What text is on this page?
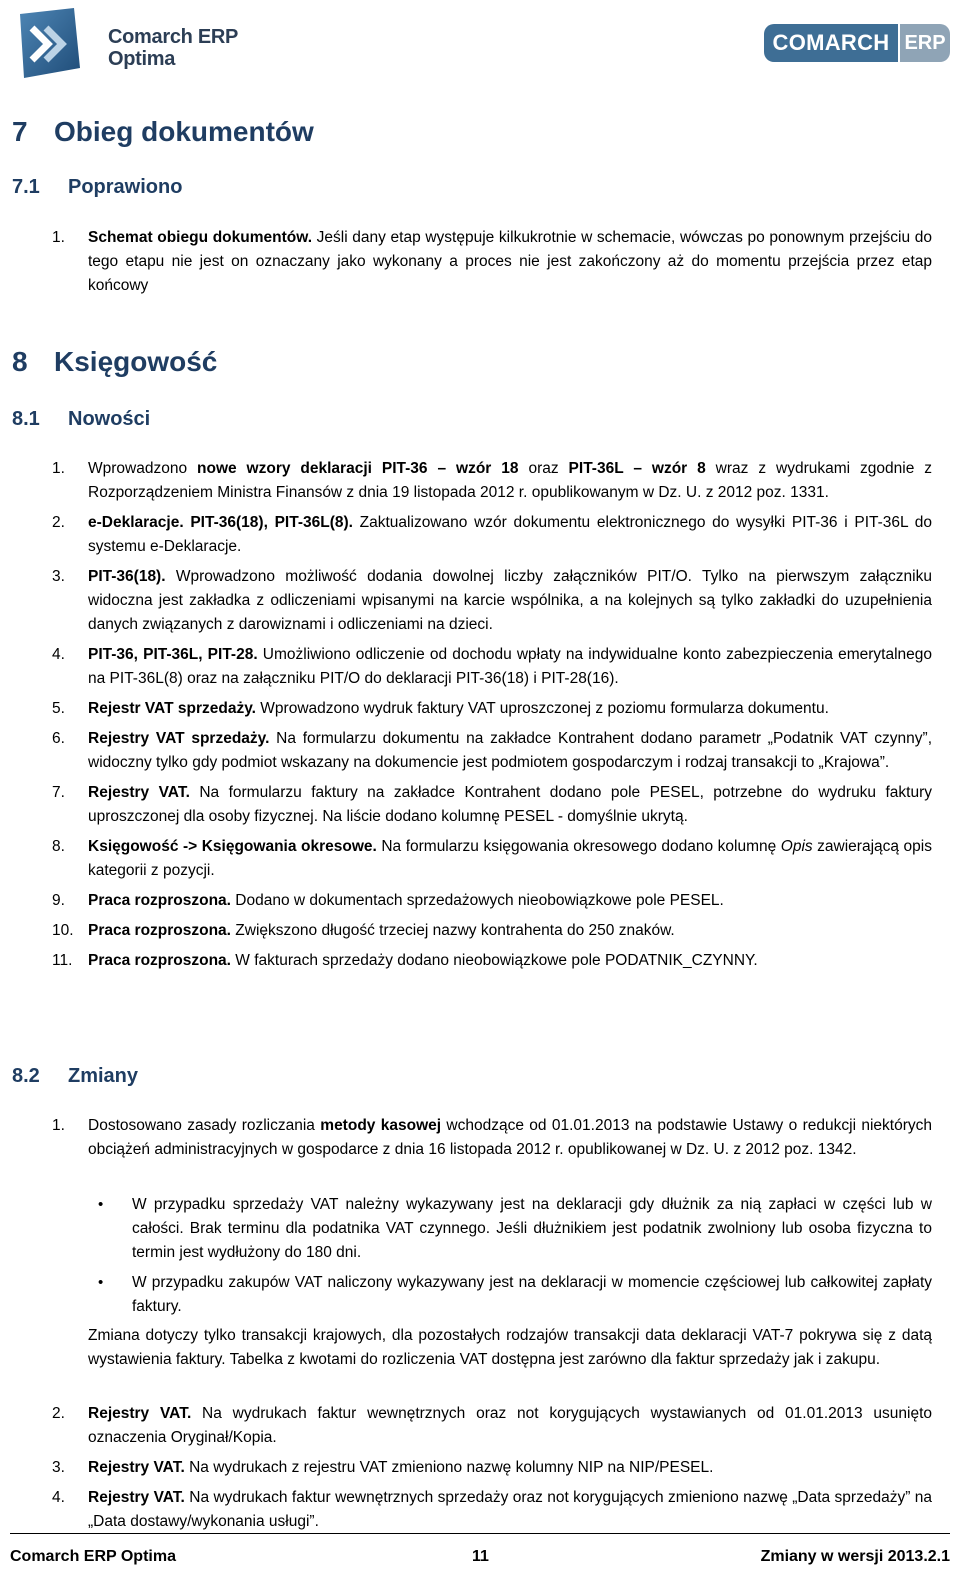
Comarch ERP
Optima
COMARCH ERP
7 Obieg dokumentów
7.1 Poprawiono
1. Schemat obiegu dokumentów. Jeśli dany etap występuje kilkukrotnie w schemacie, wówczas po ponownym przejściu do tego etapu nie jest on oznaczany jako wykonany a proces nie jest zakończony aż do momentu przejścia przez etap końcowy
8 Księgowość
8.1 Nowości
1. Wprowadzono nowe wzory deklaracji PIT-36 – wzór 18 oraz PIT-36L – wzór 8 wraz z wydrukami zgodnie z Rozporządzeniem Ministra Finansów z dnia 19 listopada 2012 r. opublikowanym w Dz. U. z 2012 poz. 1331.
2. e-Deklaracje. PIT-36(18), PIT-36L(8). Zaktualizowano wzór dokumentu elektronicznego do wysyłki PIT-36 i PIT-36L do systemu e-Deklaracje.
3. PIT-36(18). Wprowadzono możliwość dodania dowolnej liczby załączników PIT/O. Tylko na pierwszym załączniku widoczna jest zakładka z odliczeniami wpisanymi na karcie wspólnika, a na kolejnych są tylko zakładki do uzupełnienia danych związanych z darowiznami i odliczeniami na dzieci.
4. PIT-36, PIT-36L, PIT-28. Umożliwiono odliczenie od dochodu wpłaty na indywidualne konto zabezpieczenia emerytalnego na PIT-36L(8) oraz na załączniku PIT/O do deklaracji PIT-36(18) i PIT-28(16).
5. Rejestr VAT sprzedaży. Wprowadzono wydruk faktury VAT uproszczonej z poziomu formularza dokumentu.
6. Rejestry VAT sprzedaży. Na formularzu dokumentu na zakładce Kontrahent dodano parametr „Podatnik VAT czynny”, widoczny tylko gdy podmiot wskazany na dokumencie jest podmiotem gospodarczym i rodzaj transakcji to „Krajowa”.
7. Rejestry VAT. Na formularzu faktury na zakładce Kontrahent dodano pole PESEL, potrzebne do wydruku faktury uproszczonej dla osoby fizycznej. Na liście dodano kolumnę PESEL - domyślnie ukrytą.
8. Księgowość -> Księgowania okresowe. Na formularzu księgowania okresowego dodano kolumnę Opis zawierającą opis kategorii z pozycji.
9. Praca rozproszona. Dodano w dokumentach sprzedażowych nieobowiązkowe pole PESEL.
10. Praca rozproszona. Zwiększono długość trzeciej nazwy kontrahenta do 250 znaków.
11. Praca rozproszona. W fakturach sprzedaży dodano nieobowiązkowe pole PODATNIK_CZYNNY.
8.2 Zmiany
1. Dostosowano zasady rozliczania metody kasowej wchodzące od 01.01.2013 na podstawie Ustawy o redukcji niektórych obciążeń administracyjnych w gospodarce z dnia 16 listopada 2012 r. opublikowanej w Dz. U. z 2012 poz. 1342.
• W przypadku sprzedaży VAT należny wykazywany jest na deklaracji gdy dłużnik za nią zapłaci w części lub w całości. Brak terminu dla podatnika VAT czynnego. Jeśli dłużnikiem jest podatnik zwolniony lub osoba fizyczna to termin jest wydłużony do 180 dni.
• W przypadku zakupów VAT naliczony wykazywany jest na deklaracji w momencie częściowej lub całkowitej zapłaty faktury.
Zmiana dotyczy tylko transakcji krajowych, dla pozostałych rodzajów transakcji data deklaracji VAT-7 pokrywa się z datą wystawienia faktury. Tabelka z kwotami do rozliczenia VAT dostępna jest zarówno dla faktur sprzedaży jak i zakupu.
2. Rejestry VAT. Na wydrukach faktur wewnętrznych oraz not korygujących wystawianych od 01.01.2013 usunięto oznaczenia Oryginał/Kopia.
3. Rejestry VAT. Na wydrukach z rejestru VAT zmieniono nazwę kolumny NIP na NIP/PESEL.
4. Rejestry VAT. Na wydrukach faktur wewnętrznych sprzedaży oraz not korygujących zmieniono nazwę „Data sprzedaży” na „Data dostawy/wykonania usługi”.
Comarch ERP Optima	11	Zmiany w wersji 2013.2.1
